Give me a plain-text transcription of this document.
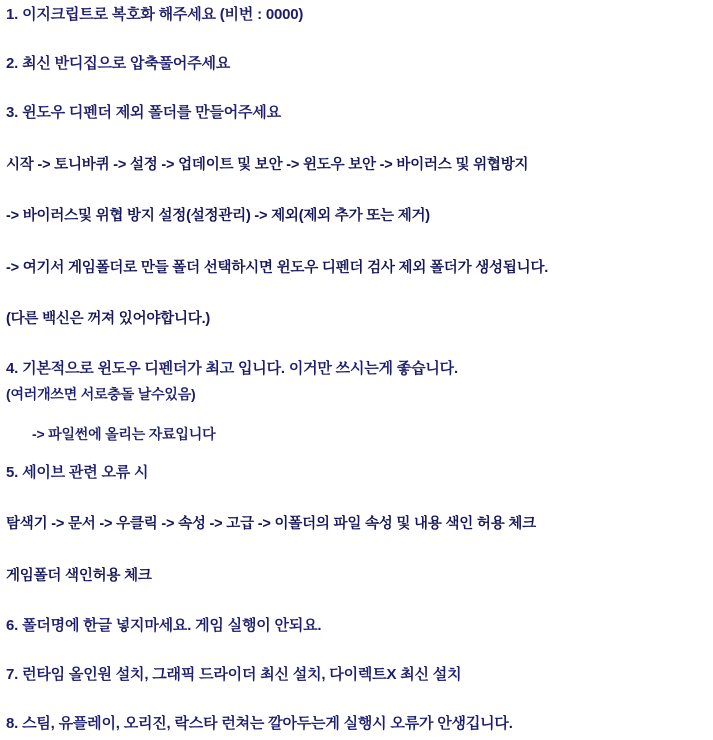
1. 이지크립트로 복호화 해주세요 (비번 : 0000)
2. 최신 반디집으로 압축풀어주세요
3. 윈도우 디펜더 제외 폴더를 만들어주세요
시작 -> 토니바퀴 -> 설정 -> 업데이트 및 보안 -> 윈도우 보안 -> 바이러스 및 위협방지
-> 바이러스및 위협 방지 설정(설정관리) -> 제외(제외 추가 또는 제거)
-> 여기서 게임폴더로 만들 폴더 선택하시면 윈도우 디펜더 검사 제외 폴더가 생성됩니다.
(다른 백신은 꺼져 있어야합니다.)
4. 기본적으로 윈도우 디펜더가 최고 입니다. 이거만 쓰시는게 좋습니다.
(여러개쓰면 서로충돌 날수있음)
-> 파일썬에 올리는 자료입니다
5. 세이브 관련 오류 시
탐색기 -> 문서 -> 우클릭 -> 속성 -> 고급 -> 이폴더의 파일 속성 및 내용 색인 허용 체크
게임폴더 색인허용 체크
6. 폴더명에 한글 넣지마세요. 게임 실행이 안되요.
7. 런타임 올인원 설치, 그래픽 드라이더 최신 설치, 다이렉트X 최신 설치
8. 스팀, 유플레이, 오리진, 락스타 런쳐는 깔아두는게 실행시 오류가 안생깁니다.
